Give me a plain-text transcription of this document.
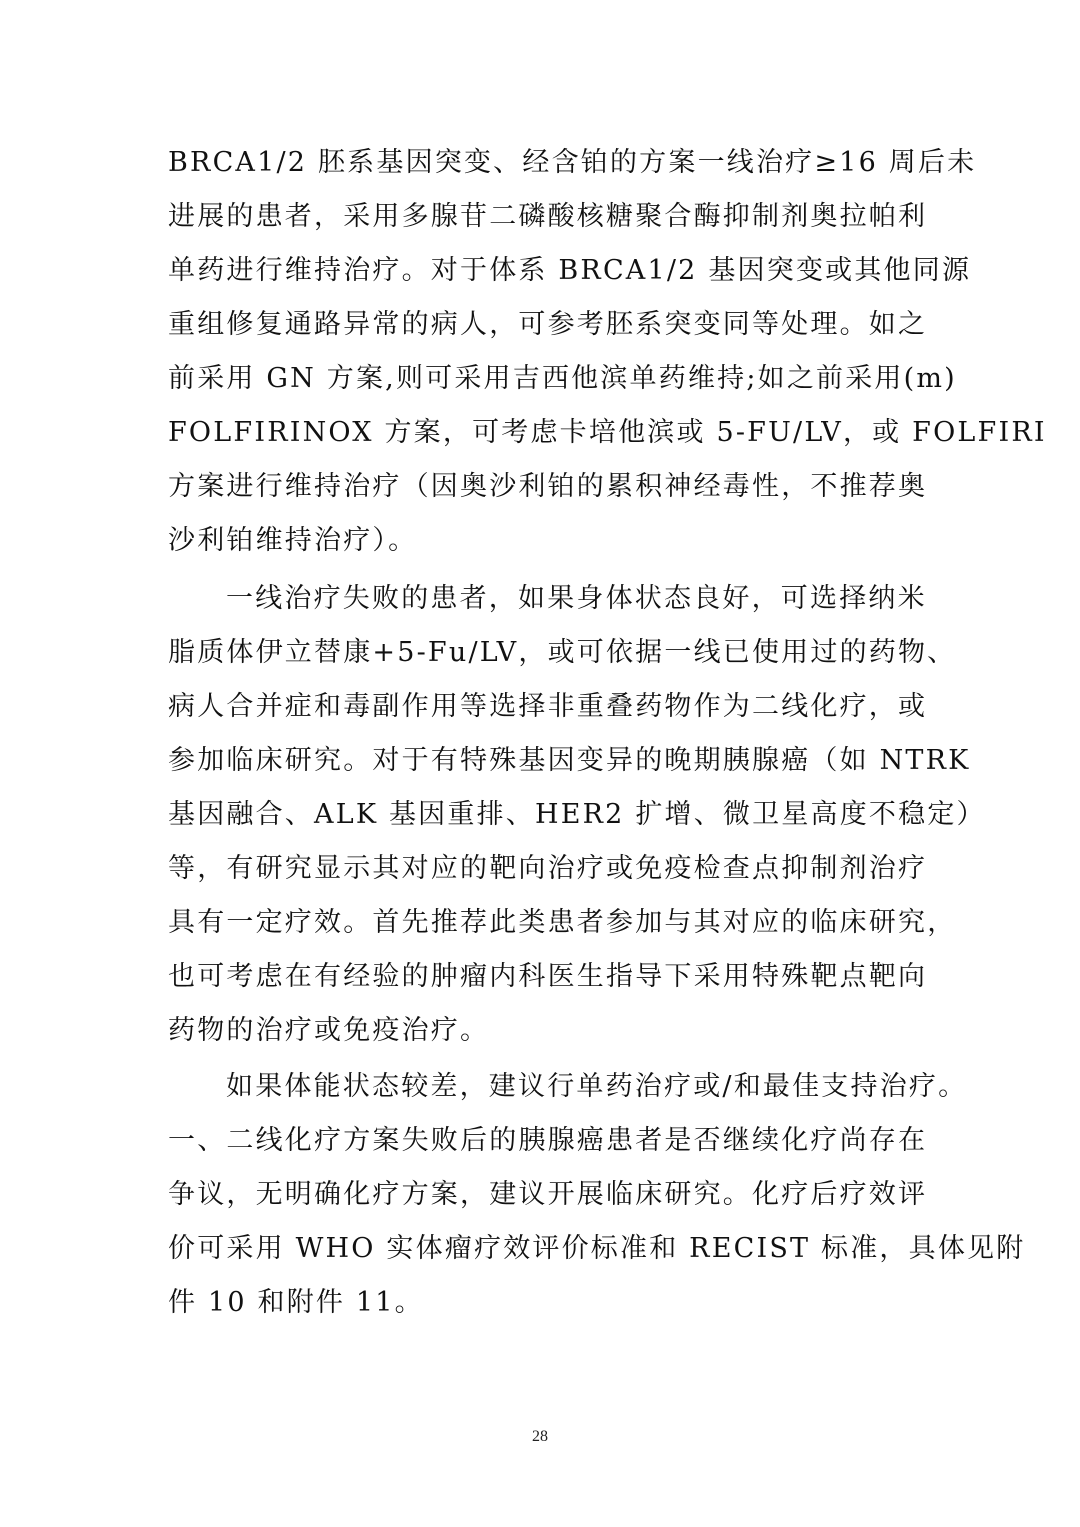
BRCA1/2 胚系基因突变、经含铂的方案一线治疗≥16 周后未
进展的患者，采用多腺苷二磷酸核糖聚合酶抑制剂奥拉帕利
单药进行维持治疗。对于体系 BRCA1/2 基因突变或其他同源
重组修复通路异常的病人，可参考胚系突变同等处理。如之
前采用 GN 方案,则可采用吉西他滨单药维持;如之前采用(m)
FOLFIRINOX 方案，可考虑卡培他滨或 5-FU/LV，或 FOLFIRI
方案进行维持治疗（因奥沙利铂的累积神经毒性，不推荐奥
沙利铂维持治疗）。
一线治疗失败的患者，如果身体状态良好，可选择纳米
脂质体伊立替康+5-Fu/LV，或可依据一线已使用过的药物、
病人合并症和毒副作用等选择非重叠药物作为二线化疗，或
参加临床研究。对于有特殊基因变异的晚期胰腺癌（如 NTRK
基因融合、ALK 基因重排、HER2 扩增、微卫星高度不稳定）
等，有研究显示其对应的靶向治疗或免疫检查点抑制剂治疗
具有一定疗效。首先推荐此类患者参加与其对应的临床研究，
也可考虑在有经验的肿瘤内科医生指导下采用特殊靶点靶向
药物的治疗或免疫治疗。
如果体能状态较差，建议行单药治疗或/和最佳支持治疗。
一、二线化疗方案失败后的胰腺癌患者是否继续化疗尚存在
争议，无明确化疗方案，建议开展临床研究。化疗后疗效评
价可采用 WHO 实体瘤疗效评价标准和 RECIST 标准，具体见附
件 10 和附件 11。
28
